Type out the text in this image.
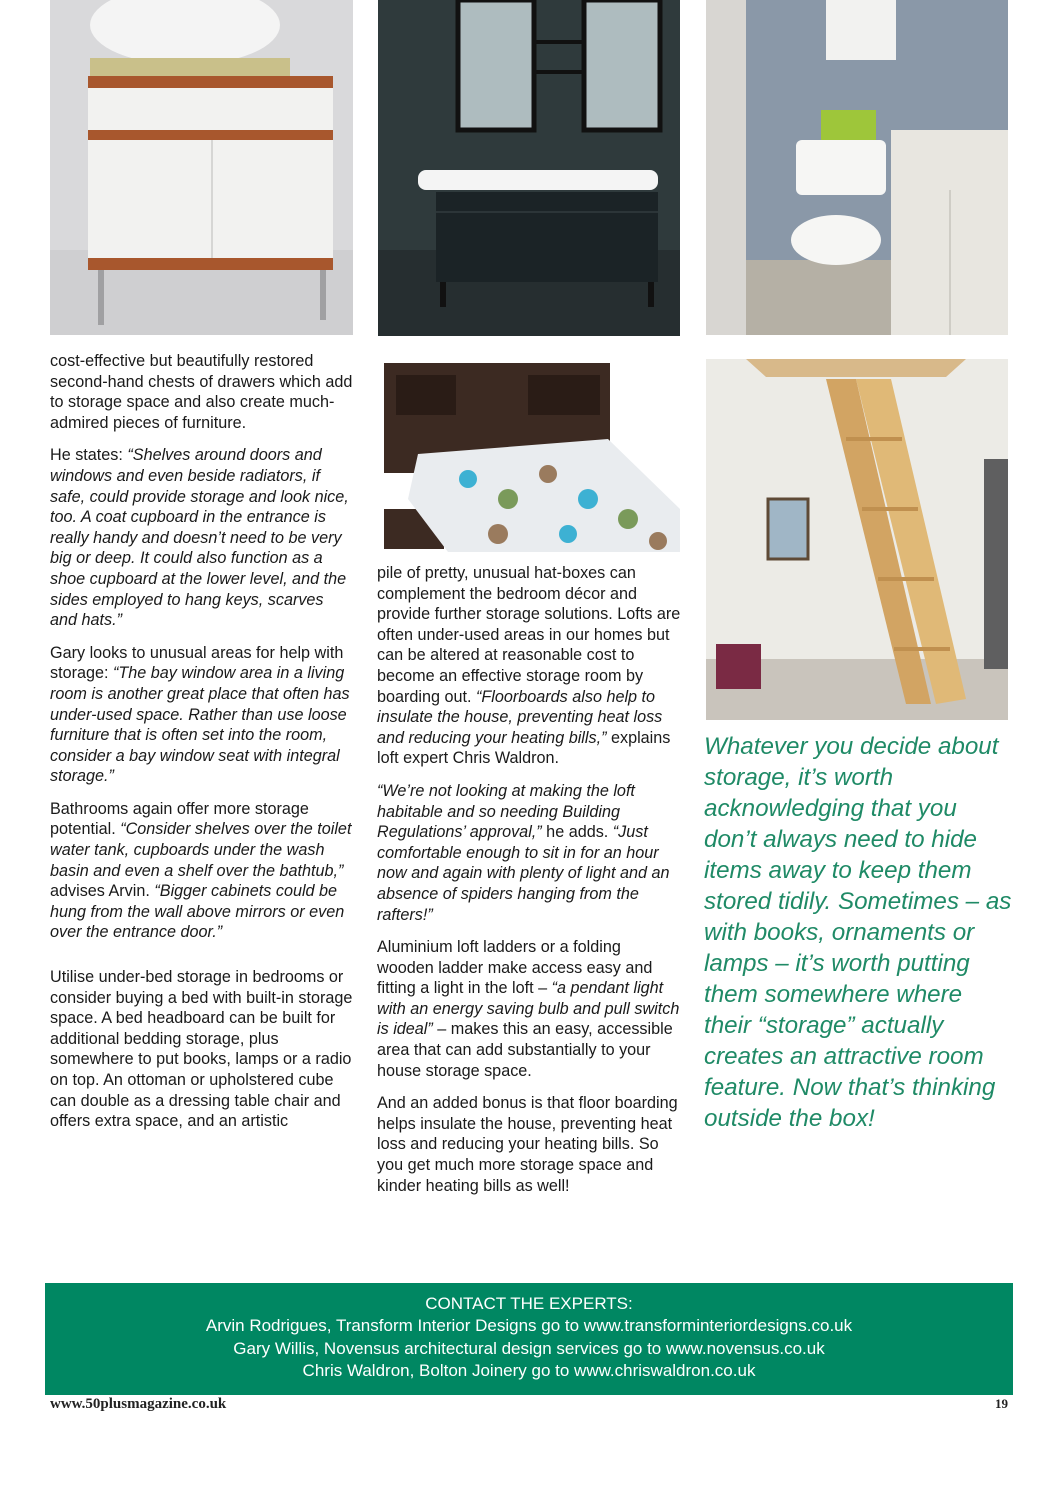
cost-effective but beautifully restored second-hand chests of drawers which add to storage space and also create much-admired pieces of furniture.

He states: “Shelves around doors and windows and even beside radiators, if safe, could provide storage and look nice, too. A coat cupboard in the entrance is really handy and doesn’t need to be very big or deep. It could also function as a shoe cupboard at the lower level, and the sides employed to hang keys, scarves and hats.”

Gary looks to unusual areas for help with storage: “The bay window area in a living room is another great place that often has under-used space. Rather than use loose furniture that is often set into the room, consider a bay window seat with integral storage.”

Bathrooms again offer more storage potential. “Consider shelves over the toilet water tank, cupboards under the wash basin and even a shelf over the bathtub,” advises Arvin. “Bigger cabinets could be hung from the wall above mirrors or even over the entrance door.”

Utilise under-bed storage in bedrooms or consider buying a bed with built-in storage space. A bed headboard can be built for additional bedding storage, plus somewhere to put books, lamps or a radio on top. An ottoman or upholstered cube can double as a dressing table chair and offers extra space, and an artistic

pile of pretty, unusual hat-boxes can complement the bedroom décor and provide further storage solutions. Lofts are often under-used areas in our homes but can be altered at reasonable cost to become an effective storage room by boarding out. “Floorboards also help to insulate the house, preventing heat loss and reducing your heating bills,” explains loft expert Chris Waldron.

“We’re not looking at making the loft habitable and so needing Building Regulations’ approval,” he adds. “Just comfortable enough to sit in for an hour now and again with plenty of light and an absence of spiders hanging from the rafters!”

Aluminium loft ladders or a folding wooden ladder make access easy and fitting a light in the loft – “a pendant light with an energy saving bulb and pull switch is ideal” – makes this an easy, accessible area that can add substantially to your house storage space.

And an added bonus is that floor boarding helps insulate the house, preventing heat loss and reducing your heating bills. So you get much more storage space and kinder heating bills as well!

Whatever you decide about storage, it’s worth acknowledging that you don’t always need to hide items away to keep them stored tidily. Sometimes – as with books, ornaments or lamps – it’s worth putting them somewhere where their “storage” actually creates an attractive room feature. Now that’s thinking outside the box!
CONTACT THE EXPERTS:
Arvin Rodrigues, Transform Interior Designs go to www.transforminteriordesigns.co.uk
Gary Willis, Novensus architectural design services go to www.novensus.co.uk
Chris Waldron, Bolton Joinery go to www.chriswaldron.co.uk
www.50plusmagazine.co.uk	19
